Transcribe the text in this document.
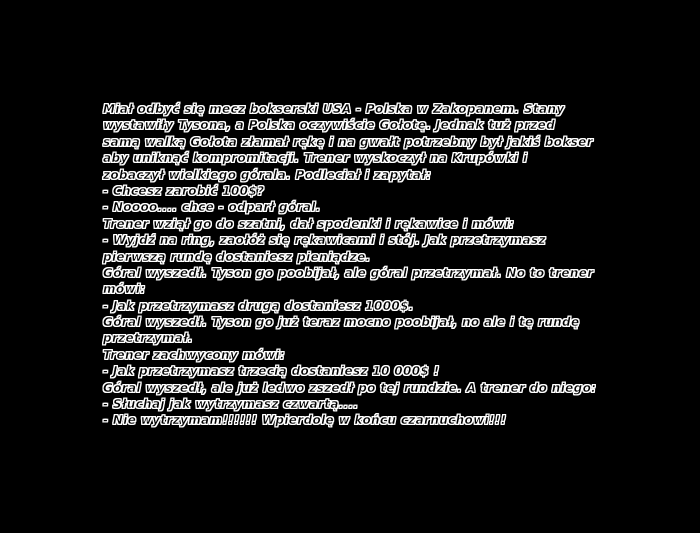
Miał odbyć się mecz bokserski USA - Polska w Zakopanem. Stany
wystawiły Tysona, a Polska oczywiście Gołotę. Jednak tuż przed
samą walką Gołota złamał rękę i na gwałt potrzebny był jakiś bokser
aby uniknąć kompromitacji. Trener wyskoczył na Krupówki i
zobaczył wielkiego górala. Podleciał i zapytał:
- Chcesz zarobić 100$?
- Noooo.... chce - odparł góral.
Trener wziął go do szatni, dał spodenki i rękawice i mówi:
- Wyjdź na ring, zaołóż się rękawicami i stój. Jak przetrzymasz
pierwszą rundę dostaniesz pieniądze.
Góral wyszedł. Tyson go poobijał, ale góral przetrzymał. No to trener
mówi:
- Jak przetrzymasz drugą dostaniesz 1000$.
Góral wyszedł. Tyson go już teraz mocno poobijał, no ale i tę rundę
przetrzymał.
Trener zachwycony mówi:
- Jak przetrzymasz trzecią dostaniesz 10 000$ !
Góral wyszedł, ale już ledwo zszedł po tej rundzie. A trener do niego:
- Słuchaj jak wytrzymasz czwartą....
- Nie wytrzymam!!!!!! Wpierdolę w końcu czarnuchowi!!!
